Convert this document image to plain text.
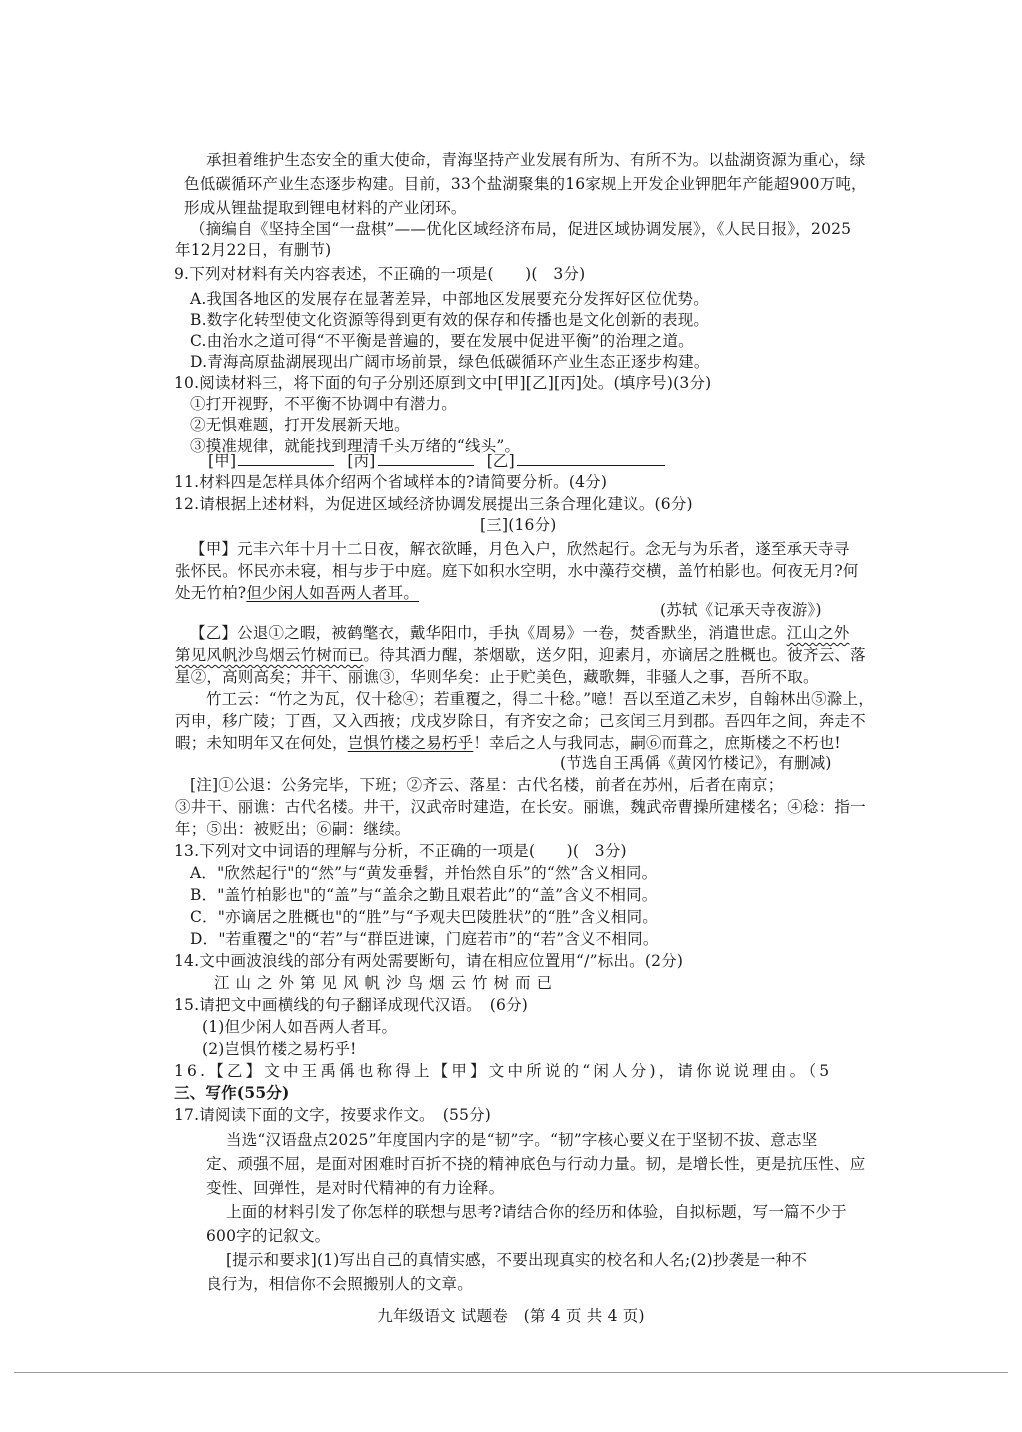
承担着维护生态安全的重大使命，青海坚持产业发展有所为、有所不为。以盐湖资源为重心，绿
色低碳循环产业生态逐步构建。目前，33个盐湖聚集的16家规上开发企业钾肥年产能超900万吨，
形成从锂盐提取到锂电材料的产业闭环。
（摘编自《坚持全国“一盘棋”——优化区域经济布局，促进区域协调发展》，《人民日报》，2025
年12月22日，有删节)
9.下列对材料有关内容表述，不正确的一项是(　　)(　3分)
A.我国各地区的发展存在显著差异，中部地区发展要充分发挥好区位优势。
B.数字化转型使文化资源等得到更有效的保存和传播也是文化创新的表现。
C.由治水之道可得“不平衡是普遍的，要在发展中促进平衡”的治理之道。
D.青海高原盐湖展现出广阔市场前景，绿色低碳循环产业生态正逐步构建。
10.阅读材料三，将下面的句子分别还原到文中[甲][乙][丙]处。(填序号)(3分)
①打开视野，不平衡不协调中有潜力。
②无惧难题，打开发展新天地。
③摸准规律，就能找到理清千头万绪的“线头”。
[甲]	[丙]	[乙]
11.材料四是怎样具体介绍两个省域样本的?请简要分析。(4分)
12.请根据上述材料，为促进区域经济协调发展提出三条合理化建议。(6分)
[三](16分)
【甲】元丰六年十月十二日夜，解衣欲睡，月色入户，欣然起行。念无与为乐者，遂至承天寺寻
张怀民。怀民亦未寝，相与步于中庭。庭下如积水空明，水中藻荇交横，盖竹柏影也。何夜无月?何
处无竹柏?但少闲人如吾两人者耳。
(苏轼《记承天寺夜游》)
【乙】公退①之暇，被鹤氅衣，戴华阳巾，手执《周易》一卷，焚香默坐，消遣世虑。江山之外
第见风帆沙鸟烟云竹树而已。待其酒力醒，茶烟歇，送夕阳，迎素月，亦谪居之胜概也。彼齐云、落
星②，高则高矣；井干、丽谯③，华则华矣：止于贮美色，藏歌舞，非骚人之事，吾所不取。
竹工云：“竹之为瓦，仅十稔④；若重覆之，得二十稔。”噫！吾以至道乙未岁，自翰林出⑤滁上，
丙申，移广陵；丁酉，又入西掖；戊戌岁除日，有齐安之命；己亥闰三月到郡。吾四年之间，奔走不
暇；未知明年又在何处，岂惧竹楼之易朽乎！幸后之人与我同志，嗣⑥而葺之，庶斯楼之不朽也!
(节选自王禹偁《黄冈竹楼记》，有删减)
[注]①公退：公务完毕，下班；②齐云、落星：古代名楼，前者在苏州，后者在南京；
③井干、丽谯：古代名楼。井干，汉武帝时建造，在长安。丽谯，魏武帝曹操所建楼名；④稔：指一
年；⑤出：被贬出；⑥嗣：继续。
13.下列对文中词语的理解与分析，不正确的一项是(　　)(　3分)
A．"欣然起行"的“然”与“黄发垂髫，并怡然自乐”的“然”含义相同。
B．"盖竹柏影也"的“盖”与“盖余之勤且艰若此”的“盖”含义不相同。
C．"亦谪居之胜概也"的“胜”与“予观夫巴陵胜状”的“胜”含义相同。
D．"若重覆之"的“若”与“群臣进谏，门庭若市”的“若”含义不相同。
14.文中画波浪线的部分有两处需要断句，请在相应位置用“/”标出。(2分)
江山之外第见风帆沙鸟烟云竹树而已
15.请把文中画横线的句子翻译成现代汉语。　(6分)
(1)但少闲人如吾两人者耳。
(2)岂惧竹楼之易朽乎!
16.【乙】文中王禹偁也称得上【甲】文中所说的“闲人分)，请你说说理由。（5
三、写作(55分)
17.请阅读下面的文字，按要求作文。　(55分)
当选“汉语盘点2025”年度国内字的是“韧”字。“韧”字核心要义在于坚韧不拔、意志坚
定、顽强不屈，是面对困难时百折不挠的精神底色与行动力量。韧，是增长性，更是抗压性、应
变性、回弹性，是对时代精神的有力诠释。
上面的材料引发了你怎样的联想与思考?请结合你的经历和体验，自拟标题，写一篇不少于
600字的记叙文。
[提示和要求](1)写出自己的真情实感，不要出现真实的校名和人名;(2)抄袭是一种不
良行为，相信你不会照搬别人的文章。
九年级语文 试题卷　(第 4 页 共 4 页)
